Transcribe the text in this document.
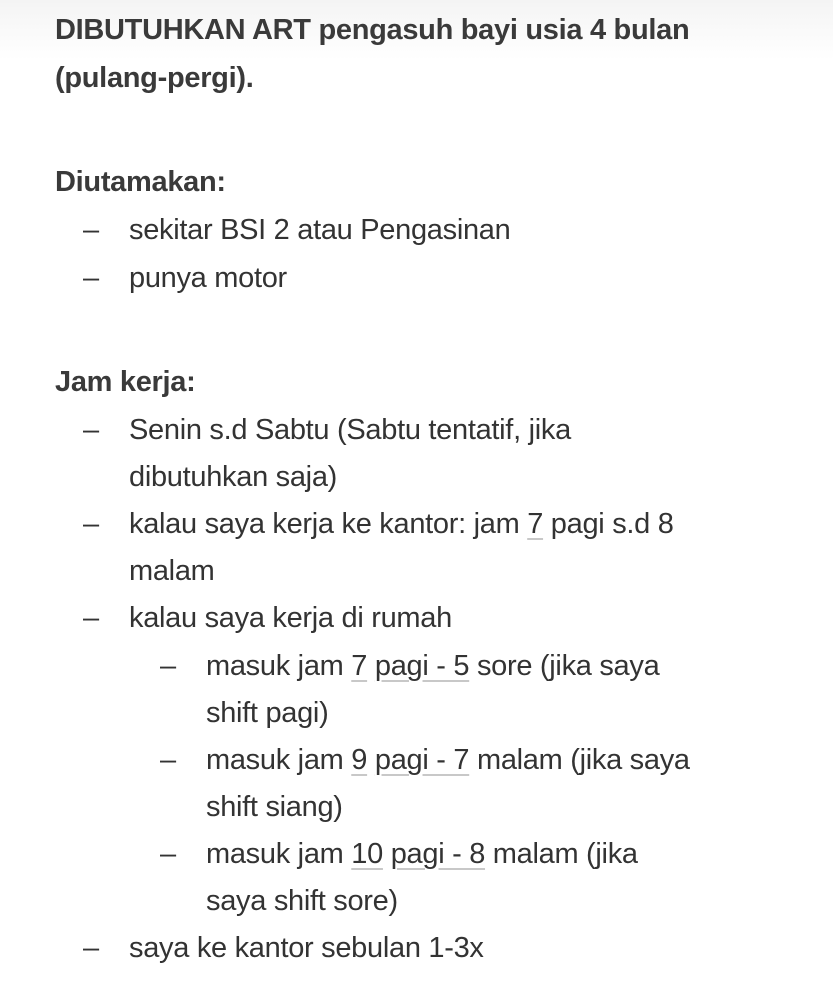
DIBUTUHKAN ART pengasuh bayi usia 4 bulan
(pulang-pergi).
Diutamakan:
– sekitar BSI 2 atau Pengasinan
– punya motor
Jam kerja:
– Senin s.d Sabtu (Sabtu tentatif, jika
dibutuhkan saja)
– kalau saya kerja ke kantor: jam 7 pagi s.d 8
malam
– kalau saya kerja di rumah
– masuk jam 7 pagi - 5 sore (jika saya
shift pagi)
– masuk jam 9 pagi - 7 malam (jika saya
shift siang)
– masuk jam 10 pagi - 8 malam (jika
saya shift sore)
– saya ke kantor sebulan 1-3x
